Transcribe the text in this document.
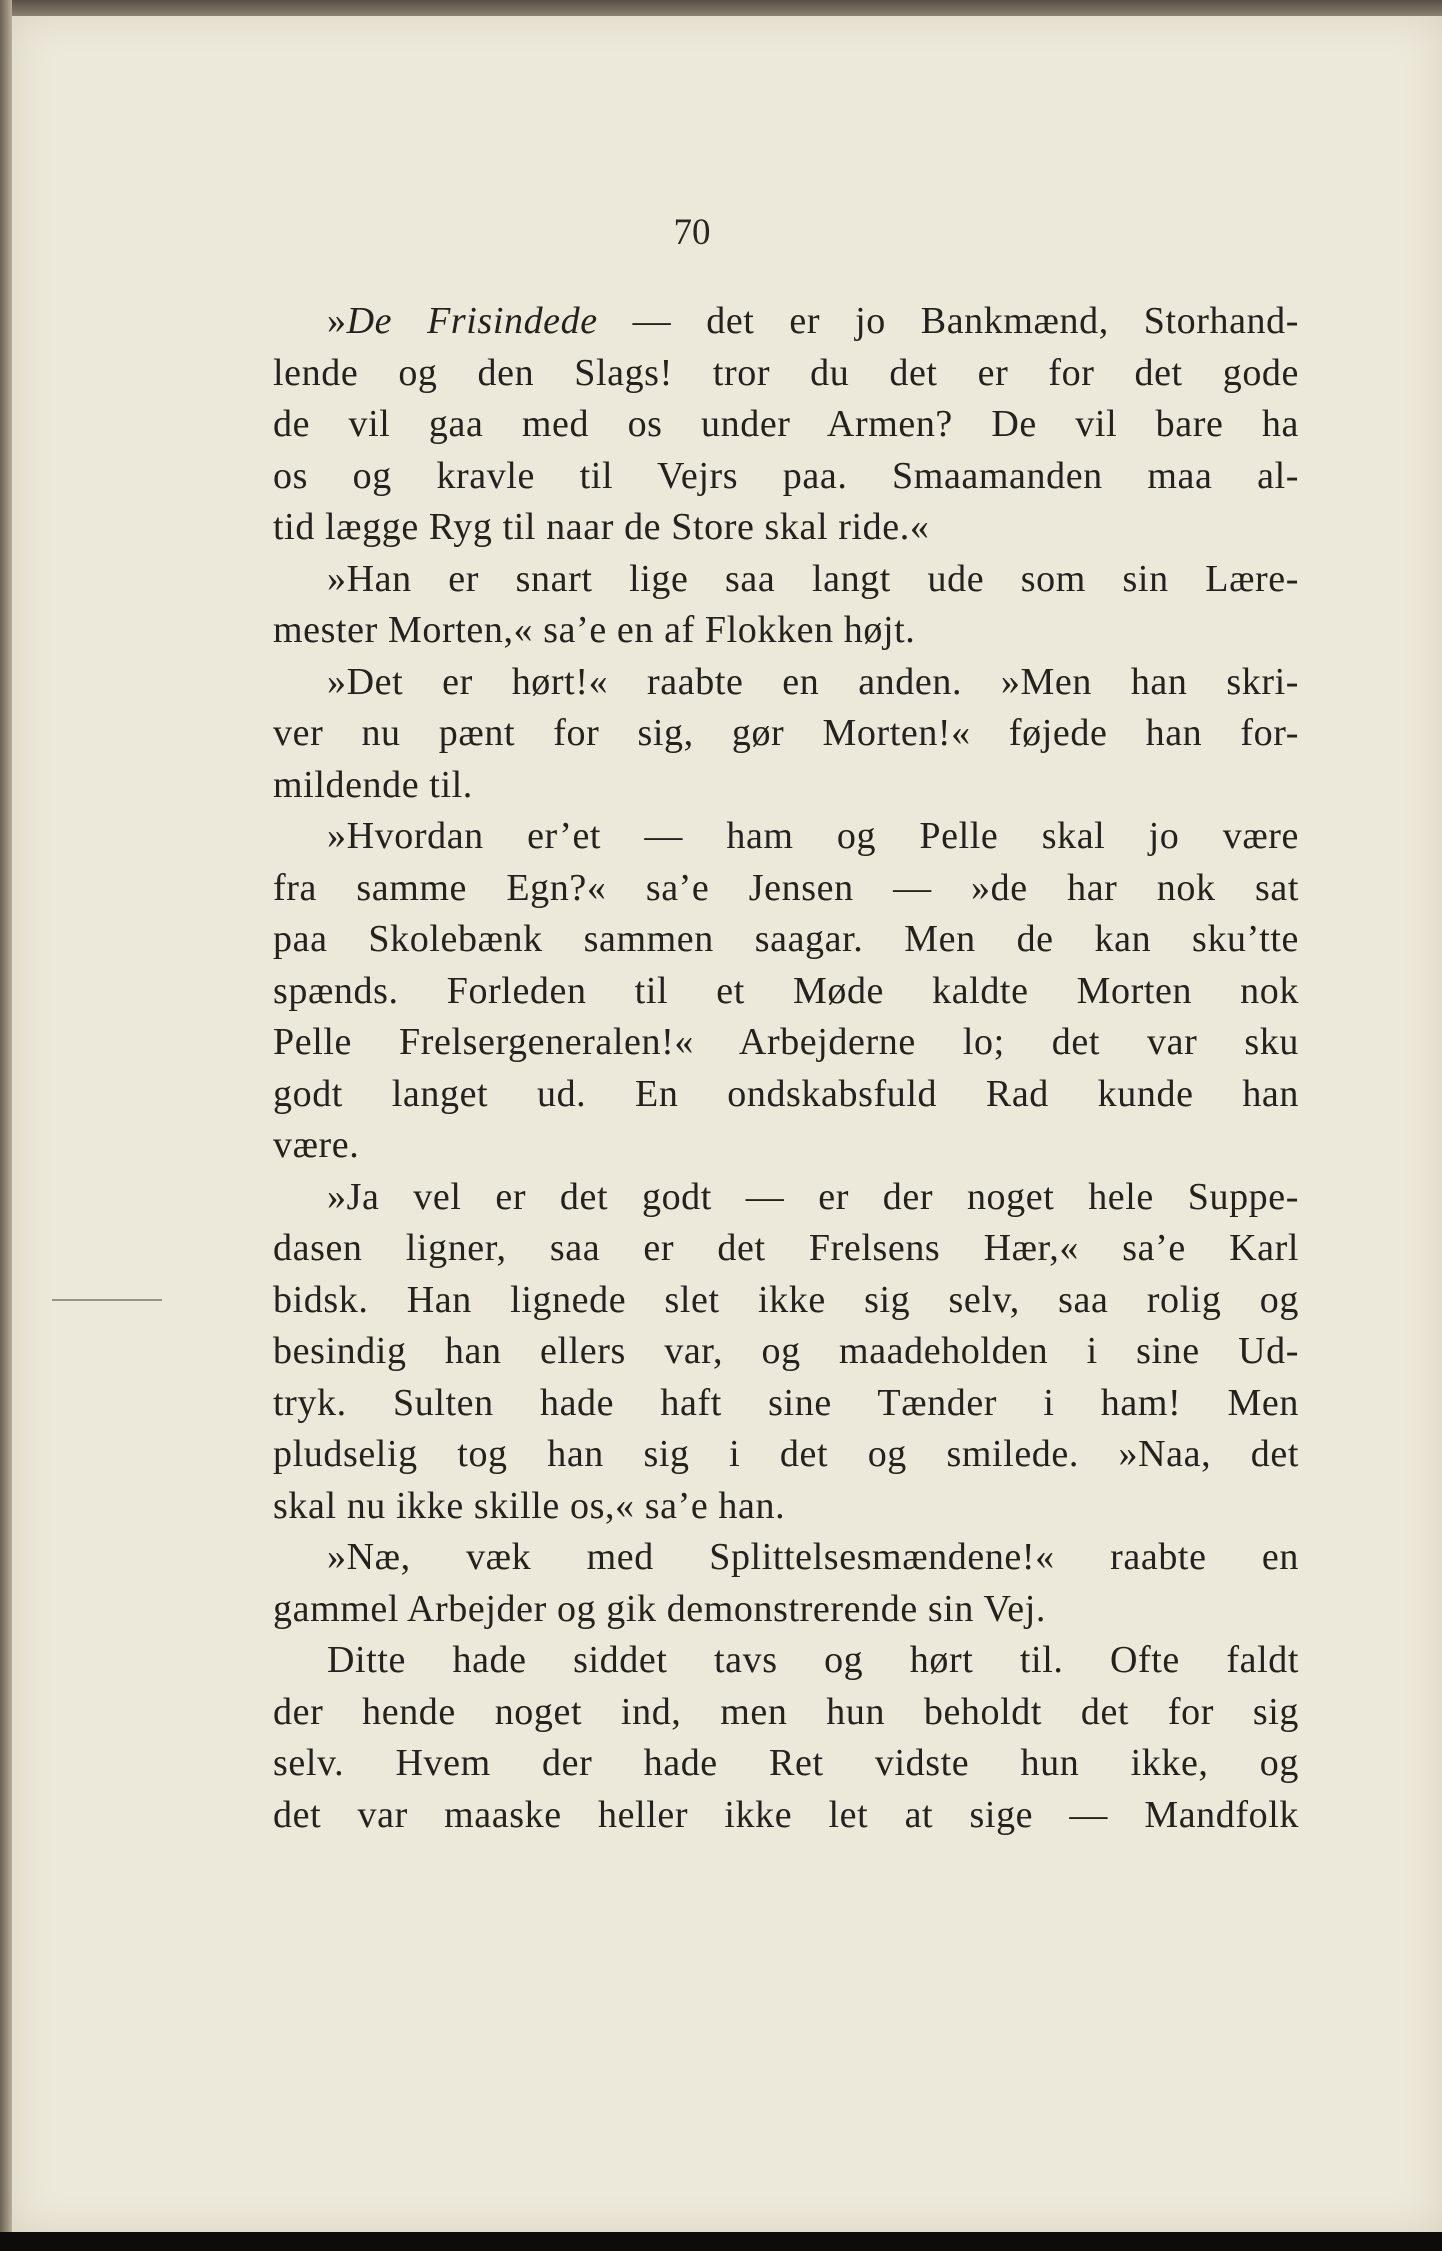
70
»De Frisindede — det er jo Bankmænd, Storhand-
lende og den Slags! tror du det er for det gode
de vil gaa med os under Armen? De vil bare ha
os og kravle til Vejrs paa. Smaamanden maa al-
tid lægge Ryg til naar de Store skal ride.«
»Han er snart lige saa langt ude som sin Lære-
mester Morten,« sa’e en af Flokken højt.
»Det er hørt!« raabte en anden. »Men han skri-
ver nu pænt for sig, gør Morten!« føjede han for-
mildende til.
»Hvordan er’et — ham og Pelle skal jo være
fra samme Egn?« sa’e Jensen — »de har nok sat
paa Skolebænk sammen saagar. Men de kan sku’tte
spænds. Forleden til et Møde kaldte Morten nok
Pelle Frelsergeneralen!« Arbejderne lo; det var sku
godt langet ud. En ondskabsfuld Rad kunde han
være.
»Ja vel er det godt — er der noget hele Suppe-
dasen ligner, saa er det Frelsens Hær,« sa’e Karl
bidsk. Han lignede slet ikke sig selv, saa rolig og
besindig han ellers var, og maadeholden i sine Ud-
tryk. Sulten hade haft sine Tænder i ham! Men
pludselig tog han sig i det og smilede. »Naa, det
skal nu ikke skille os,« sa’e han.
»Næ, væk med Splittelsesmændene!« raabte en
gammel Arbejder og gik demonstrerende sin Vej.
Ditte hade siddet tavs og hørt til. Ofte faldt
der hende noget ind, men hun beholdt det for sig
selv. Hvem der hade Ret vidste hun ikke, og
det var maaske heller ikke let at sige — Mandfolk
